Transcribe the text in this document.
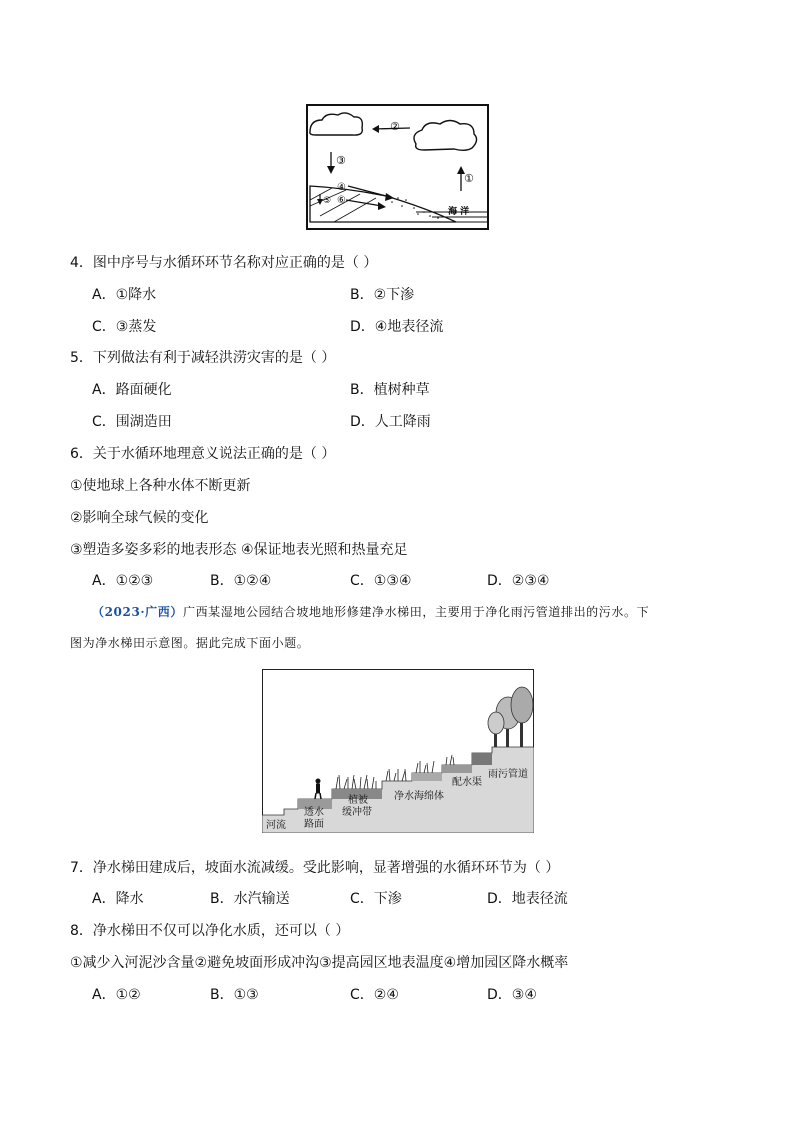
②
③
①
④
⑤ ⑥
海 洋
4．图中序号与水循环环节名称对应正确的是（ ）
A．①降水	B．②下渗
C．③蒸发	D．④地表径流
5．下列做法有利于减轻洪涝灾害的是（ ）
A．路面硬化	B．植树种草
C．围湖造田	D．人工降雨
6．关于水循环地理意义说法正确的是（ ）
①使地球上各种水体不断更新
②影响全球气候的变化
③塑造多姿多彩的地表形态 ④保证地表光照和热量充足
A．①②③	B．①②④	C．①③④	D．②③④
（2023·广西）广西某湿地公园结合坡地地形修建净水梯田，主要用于净化雨污管道排出的污水。下
图为净水梯田示意图。据此完成下面小题。
河流
透水
路面
植被
缓冲带
净水海绵体
配水渠
雨污管道
7．净水梯田建成后，坡面水流减缓。受此影响，显著增强的水循环环节为（ ）
A．降水	B．水汽输送	C．下渗	D．地表径流
8．净水梯田不仅可以净化水质，还可以（ ）
①减少入河泥沙含量②避免坡面形成冲沟③提高园区地表温度④增加园区降水概率
A．①②	B．①③	C．②④	D．③④
